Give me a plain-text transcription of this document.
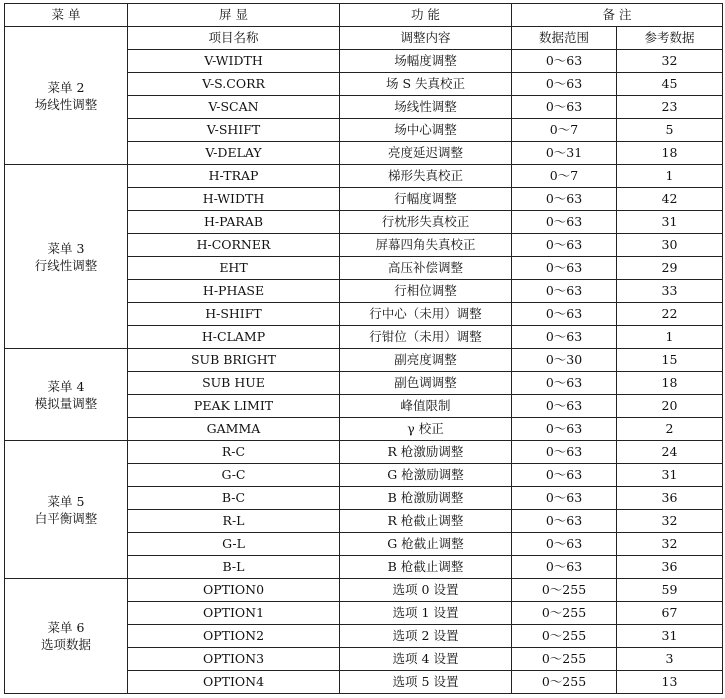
菜 单	屏 显	功 能	备 注	

菜单 2
场线性调整	项目名称	调整内容	数据范围	参考数据
	V-WIDTH	场幅度调整	0～63	32
	V-S.CORR	场 S 失真校正	0～63	45
	V-SCAN	场线性调整	0～63	23
	V-SHIFT	场中心调整	0～7	5
	V-DELAY	亮度延迟调整	0～31	18

菜单 3
行线性调整	H-TRAP	梯形失真校正	0～7	1
	H-WIDTH	行幅度调整	0～63	42
	H-PARAB	行枕形失真校正	0～63	31
	H-CORNER	屏幕四角失真校正	0～63	30
	EHT	高压补偿调整	0～63	29
	H-PHASE	行相位调整	0～63	33
	H-SHIFT	行中心（未用）调整	0～63	22
	H-CLAMP	行钳位（未用）调整	0～63	1

菜单 4
模拟量调整	SUB BRIGHT	副亮度调整	0～30	15
	SUB HUE	副色调调整	0～63	18
	PEAK LIMIT	峰值限制	0～63	20
	GAMMA	γ 校正	0～63	2

菜单 5
白平衡调整	R-C	R 枪激励调整	0～63	24
	G-C	G 枪激励调整	0～63	31
	B-C	B 枪激励调整	0～63	36
	R-L	R 枪截止调整	0～63	32
	G-L	G 枪截止调整	0～63	32
	B-L	B 枪截止调整	0～63	36

菜单 6
选项数据	OPTION0	选项 0 设置	0～255	59
	OPTION1	选项 1 设置	0～255	67
	OPTION2	选项 2 设置	0～255	31
	OPTION3	选项 4 设置	0～255	3
	OPTION4	选项 5 设置	0～255	13
